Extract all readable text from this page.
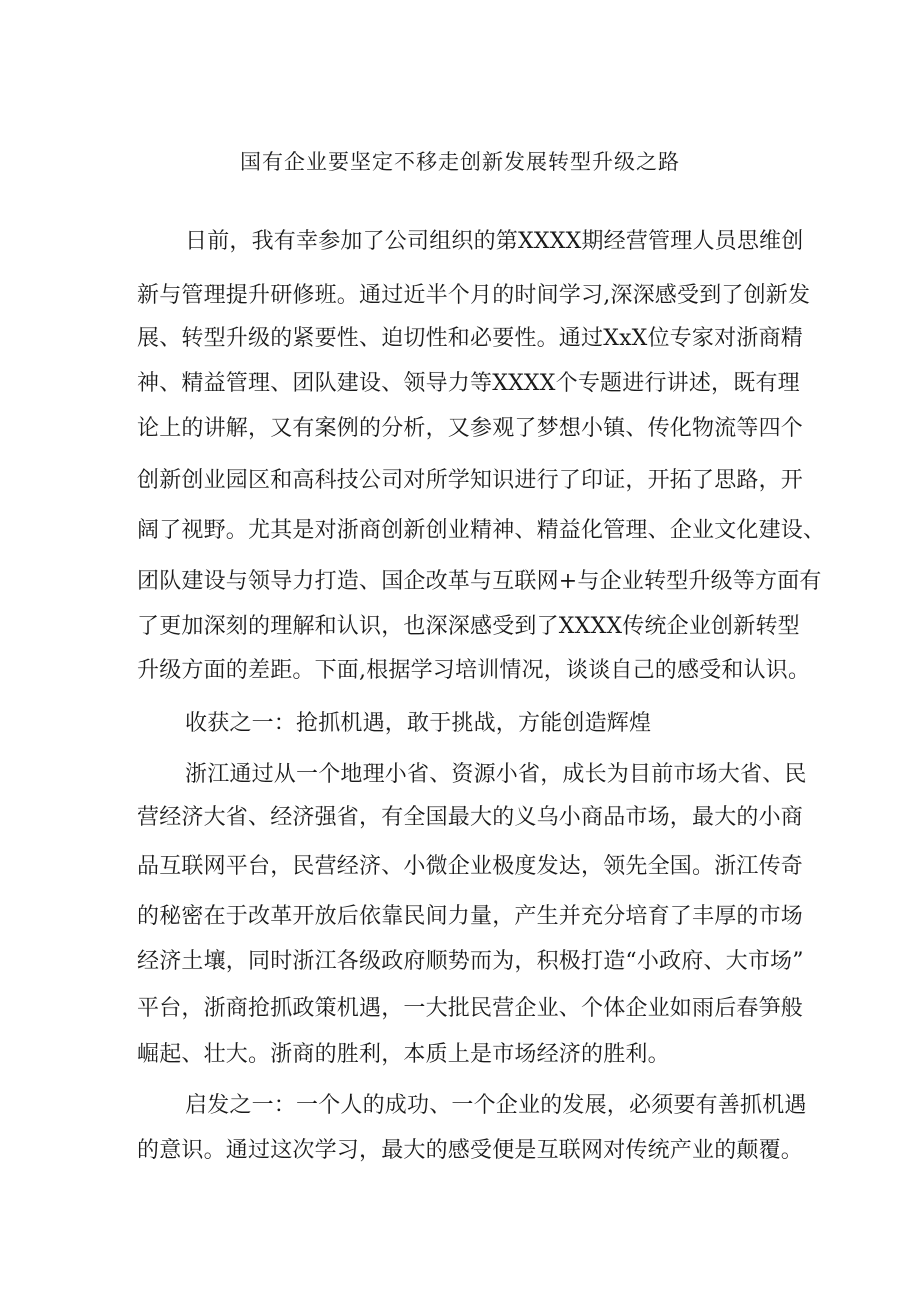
国有企业要坚定不移走创新发展转型升级之路
日前，我有幸参加了公司组织的第XXXX期经营管理人员思维创
新与管理提升研修班。通过近半个月的时间学习,深深感受到了创新发
展、转型升级的紧要性、迫切性和必要性。通过XxX位专家对浙商精
神、精益管理、团队建设、领导力等XXXX个专题进行讲述，既有理
论上的讲解，又有案例的分析，又参观了梦想小镇、传化物流等四个
创新创业园区和高科技公司对所学知识进行了印证，开拓了思路，开
阔了视野。尤其是对浙商创新创业精神、精益化管理、企业文化建设、
团队建设与领导力打造、国企改革与互联网+与企业转型升级等方面有
了更加深刻的理解和认识，也深深感受到了XXXX传统企业创新转型
升级方面的差距。下面,根据学习培训情况，谈谈自己的感受和认识。
收获之一：抢抓机遇，敢于挑战，方能创造辉煌
浙江通过从一个地理小省、资源小省，成长为目前市场大省、民
营经济大省、经济强省，有全国最大的义乌小商品市场，最大的小商
品互联网平台，民营经济、小微企业极度发达，领先全国。浙江传奇
的秘密在于改革开放后依靠民间力量，产生并充分培育了丰厚的市场
经济土壤，同时浙江各级政府顺势而为，积极打造“小政府、大市场”
平台，浙商抢抓政策机遇，一大批民营企业、个体企业如雨后春笋般
崛起、壮大。浙商的胜利，本质上是市场经济的胜利。
启发之一：一个人的成功、一个企业的发展，必须要有善抓机遇
的意识。通过这次学习，最大的感受便是互联网对传统产业的颠覆。
